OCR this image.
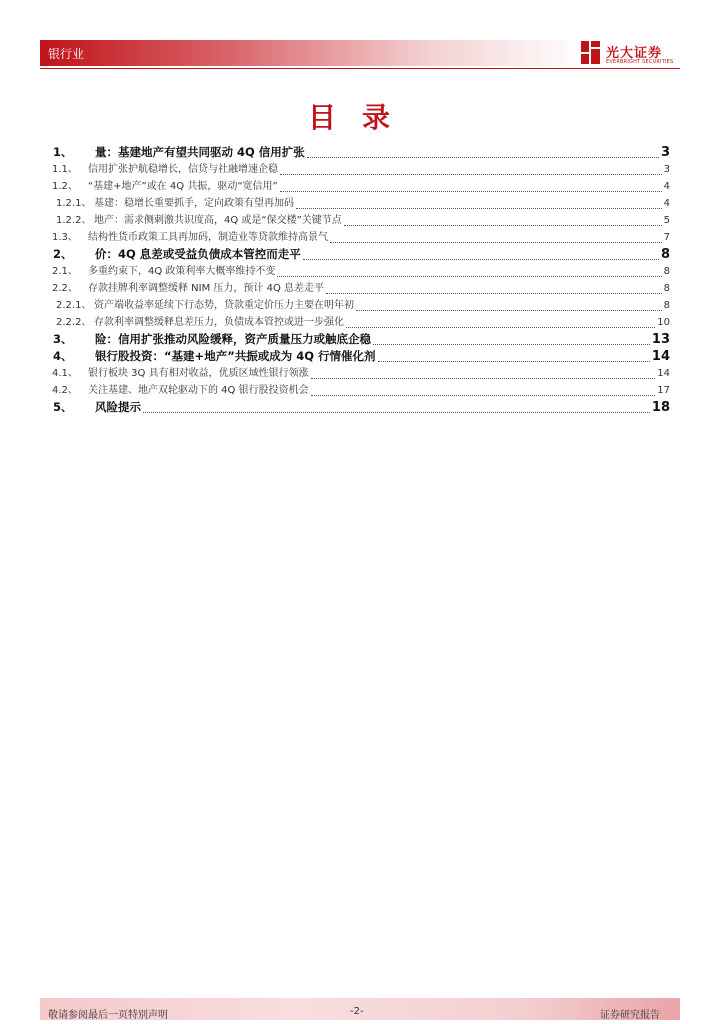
银行业	光大证券
EVERBRIGHT SECURITIES
目录
1、	量：基建地产有望共同驱动 4Q 信用扩张	3
1.1、	信用扩张护航稳增长，信贷与社融增速企稳	3
1.2、	“基建+地产”或在 4Q 共振，驱动“宽信用”	4
1.2.1、 基建：稳增长重要抓手，定向政策有望再加码	4
1.2.2、 地产：需求侧刺激共识度高，4Q 或是“保交楼”关键节点	5
1.3、	结构性货币政策工具再加码，制造业等贷款维持高景气	7
2、	价：4Q 息差或受益负债成本管控而走平	8
2.1、	多重约束下，4Q 政策利率大概率维持不变	8
2.2、	存款挂牌利率调整缓释 NIM 压力，预计 4Q 息差走平	8
2.2.1、 资产端收益率延续下行态势，贷款重定价压力主要在明年初	8
2.2.2、 存款利率调整缓释息差压力，负债成本管控或进一步强化	10
3、	险：信用扩张推动风险缓释，资产质量压力或触底企稳	13
4、	银行股投资：“基建+地产”共振或成为 4Q 行情催化剂	14
4.1、	银行板块 3Q 具有相对收益，优质区域性银行领涨	14
4.2、	关注基建、地产双轮驱动下的 4Q 银行股投资机会	17
5、	风险提示	18
敬请参阅最后一页特别声明	-2-	证券研究报告
